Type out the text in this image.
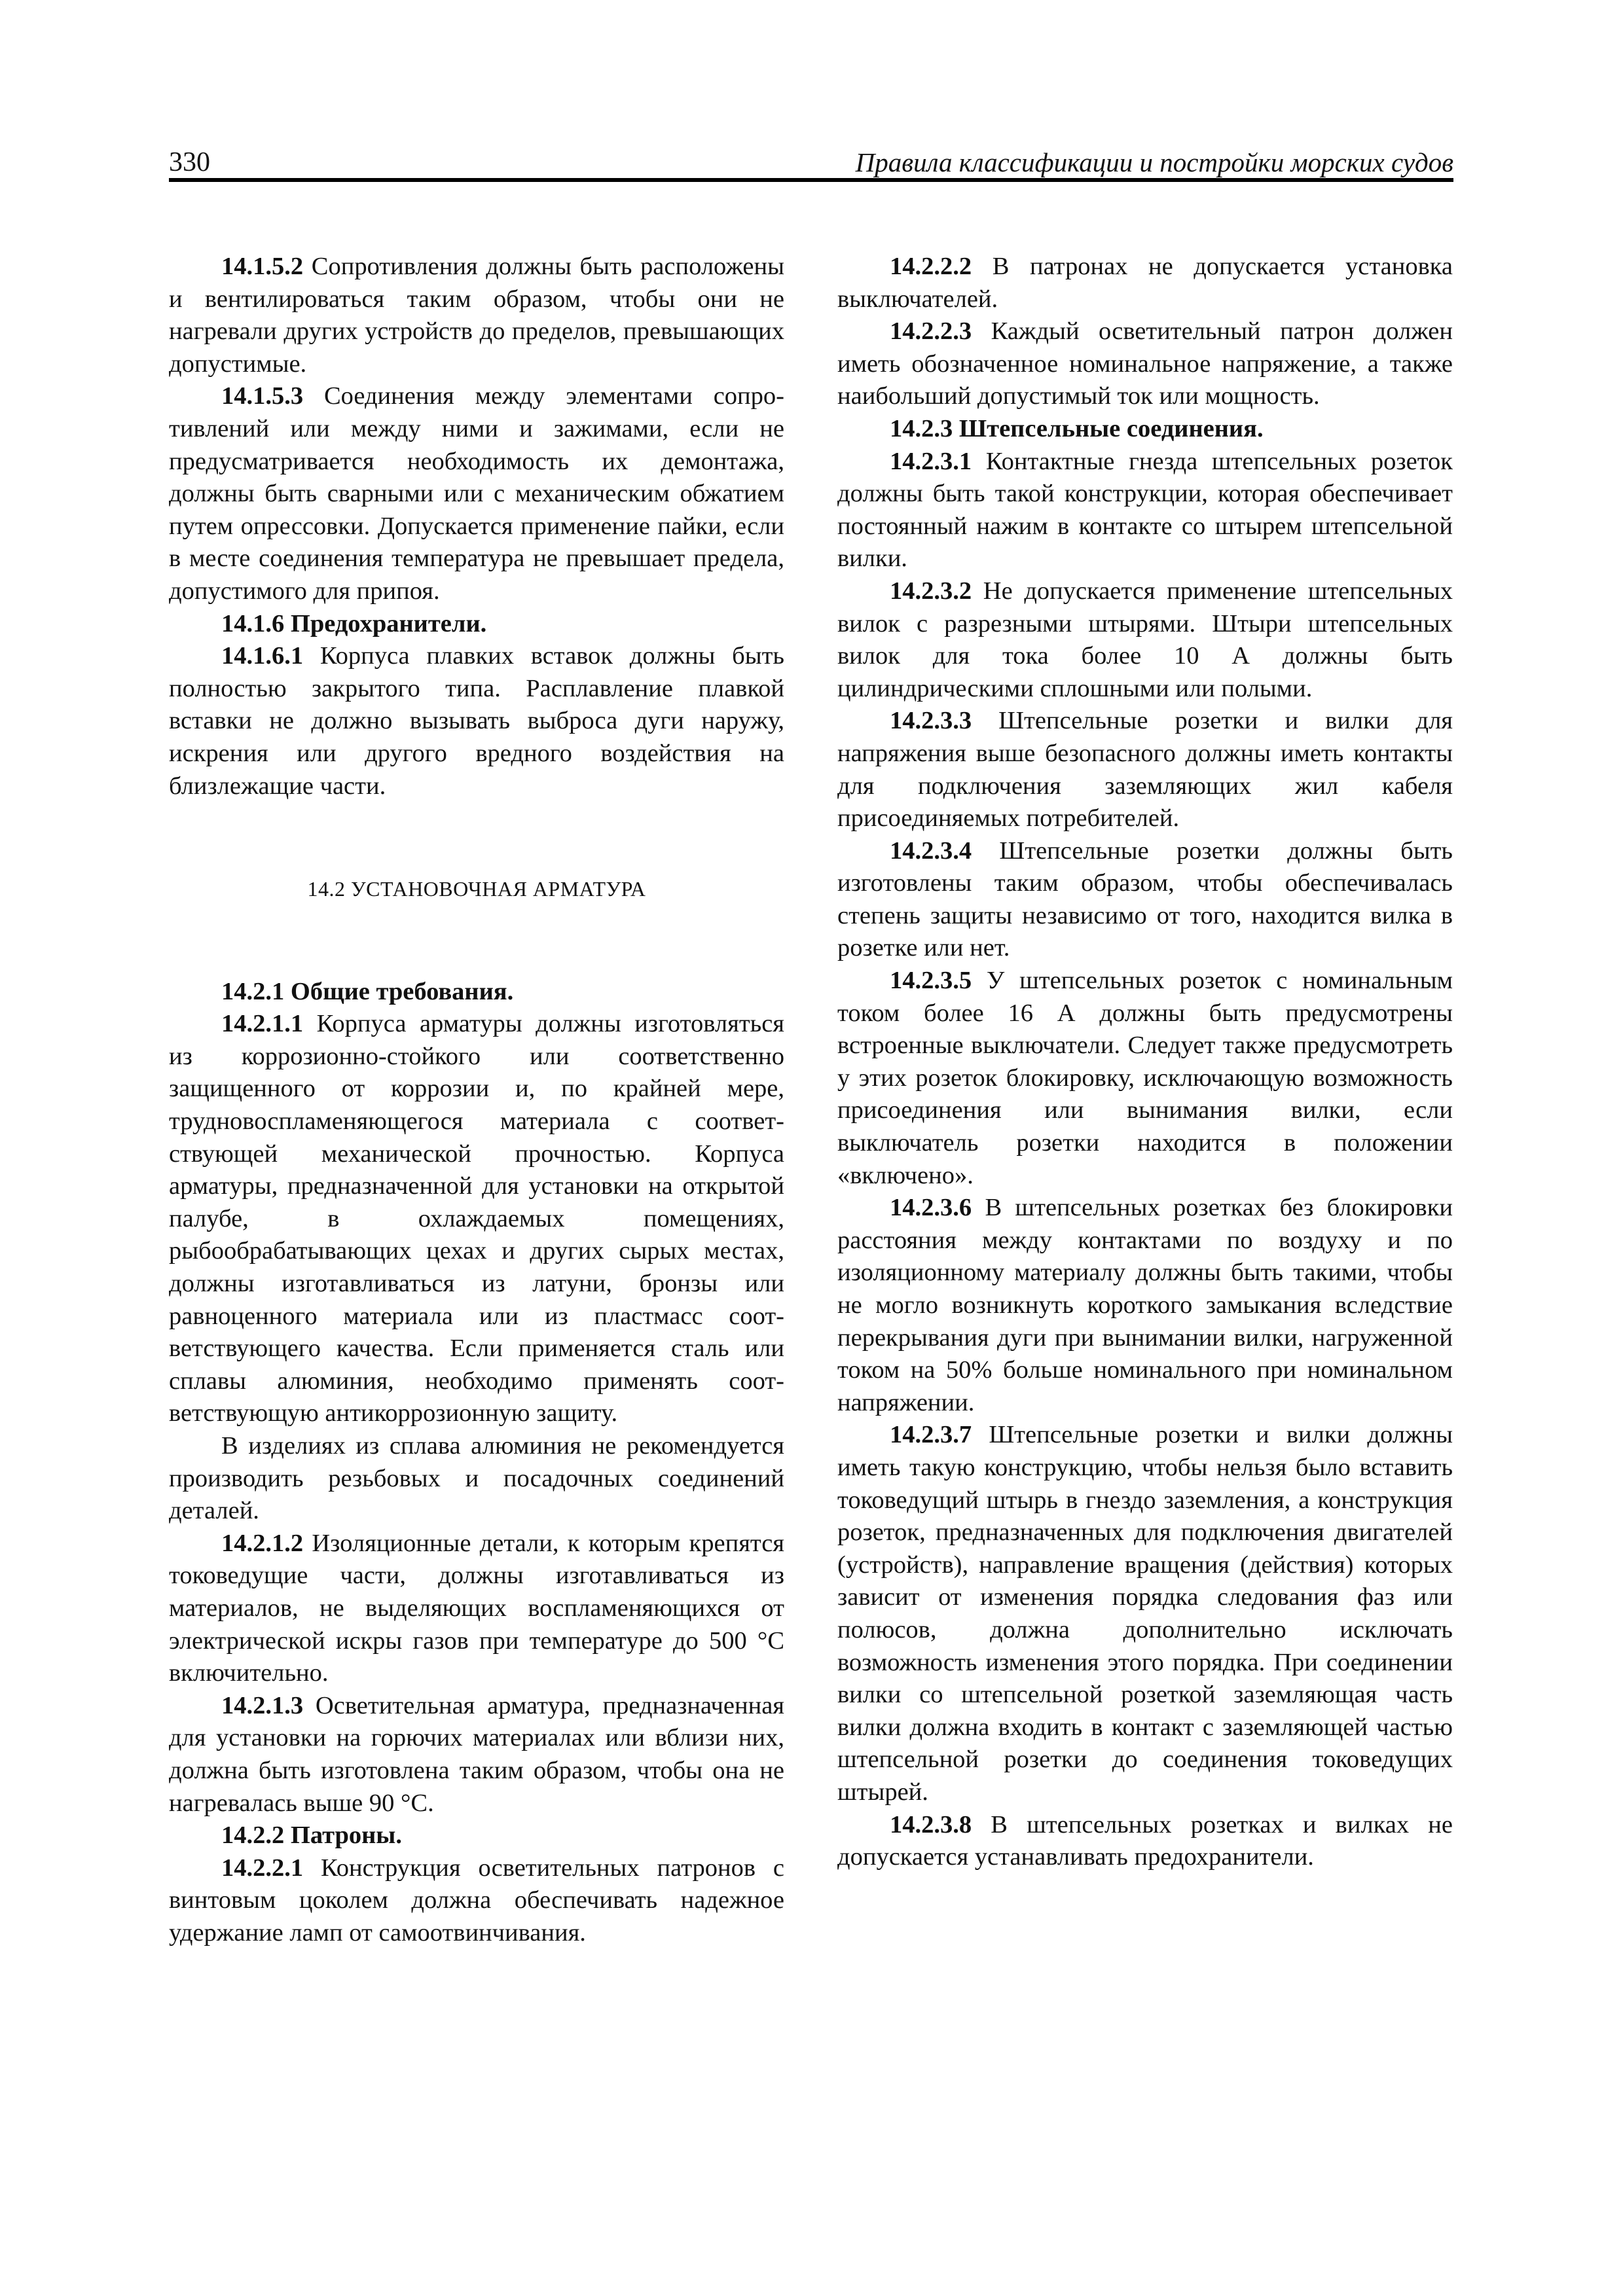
330	Правила классификации и постройки морских судов

14.1.5.2 Сопротивления должны быть расположены и вентилироваться таким образом, чтобы они не нагревали других устройств до пределов, превышающих допустимые.

14.1.5.3 Соединения между элементами сопротивлений или между ними и зажимами, если не предусматривается необходимость их демонтажа, должны быть сварными или с механическим обжатием путем опрессовки. Допускается применение пайки, если в месте соединения температура не превышает предела, допустимого для припоя.

14.1.6 Предохранители.

14.1.6.1 Корпуса плавких вставок должны быть полностью закрытого типа. Расплавление плавкой вставки не должно вызывать выброса дуги наружу, искрения или другого вредного воздействия на близлежащие части.

14.2 УСТАНОВОЧНАЯ АРМАТУРА

14.2.1 Общие требования.

14.2.1.1 Корпуса арматуры должны изготовляться из коррозионно-стойкого или соответственно защищенного от коррозии и, по крайней мере, трудновоспламеняющегося материала с соответствующей механической прочностью. Корпуса арматуры, предназначенной для установки на открытой палубе, в охлаждаемых помещениях, рыбообрабатывающих цехах и других сырых местах, должны изготавливаться из латуни, бронзы или равноценного материала или из пластмасс соответствующего качества. Если применяется сталь или сплавы алюминия, необходимо применять соответствующую антикоррозионную защиту.

В изделиях из сплава алюминия не рекомендуется производить резьбовых и посадочных соединений деталей.

14.2.1.2 Изоляционные детали, к которым крепятся токоведущие части, должны изготавливаться из материалов, не выделяющих воспламеняющихся от электрической искры газов при температуре до 500 °С включительно.

14.2.1.3 Осветительная арматура, предназначенная для установки на горючих материалах или вблизи них, должна быть изготовлена таким образом, чтобы она не нагревалась выше 90 °С.

14.2.2 Патроны.

14.2.2.1 Конструкция осветительных патронов с винтовым цоколем должна обеспечивать надежное удержание ламп от самоотвинчивания.

14.2.2.2 В патронах не допускается установка выключателей.

14.2.2.3 Каждый осветительный патрон должен иметь обозначенное номинальное напряжение, а также наибольший допустимый ток или мощность.

14.2.3 Штепсельные соединения.

14.2.3.1 Контактные гнезда штепсельных розеток должны быть такой конструкции, которая обеспечивает постоянный нажим в контакте со штырем штепсельной вилки.

14.2.3.2 Не допускается применение штепсельных вилок с разрезными штырями. Штыри штепсельных вилок для тока более 10 А должны быть цилиндрическими сплошными или полыми.

14.2.3.3 Штепсельные розетки и вилки для напряжения выше безопасного должны иметь контакты для подключения заземляющих жил кабеля присоединяемых потребителей.

14.2.3.4 Штепсельные розетки должны быть изготовлены таким образом, чтобы обеспечивалась степень защиты независимо от того, находится вилка в розетке или нет.

14.2.3.5 У штепсельных розеток с номинальным током более 16 А должны быть предусмотрены встроенные выключатели. Следует также предусмотреть у этих розеток блокировку, исключающую возможность присоединения или вынимания вилки, если выключатель розетки находится в положении «включено».

14.2.3.6 В штепсельных розетках без блокировки расстояния между контактами по воздуху и по изоляционному материалу должны быть такими, чтобы не могло возникнуть короткого замыкания вследствие перекрывания дуги при вынимании вилки, нагруженной током на 50% больше номинального при номинальном напряжении.

14.2.3.7 Штепсельные розетки и вилки должны иметь такую конструкцию, чтобы нельзя было вставить токоведущий штырь в гнездо заземления, а конструкция розеток, предназначенных для подключения двигателей (устройств), направление вращения (действия) которых зависит от изменения порядка следования фаз или полюсов, должна дополнительно исключать возможность изменения этого порядка. При соединении вилки со штепсельной розеткой заземляющая часть вилки должна входить в контакт с заземляющей частью штепсельной розетки до соединения токоведущих штырей.

14.2.3.8 В штепсельных розетках и вилках не допускается устанавливать предохранители.
